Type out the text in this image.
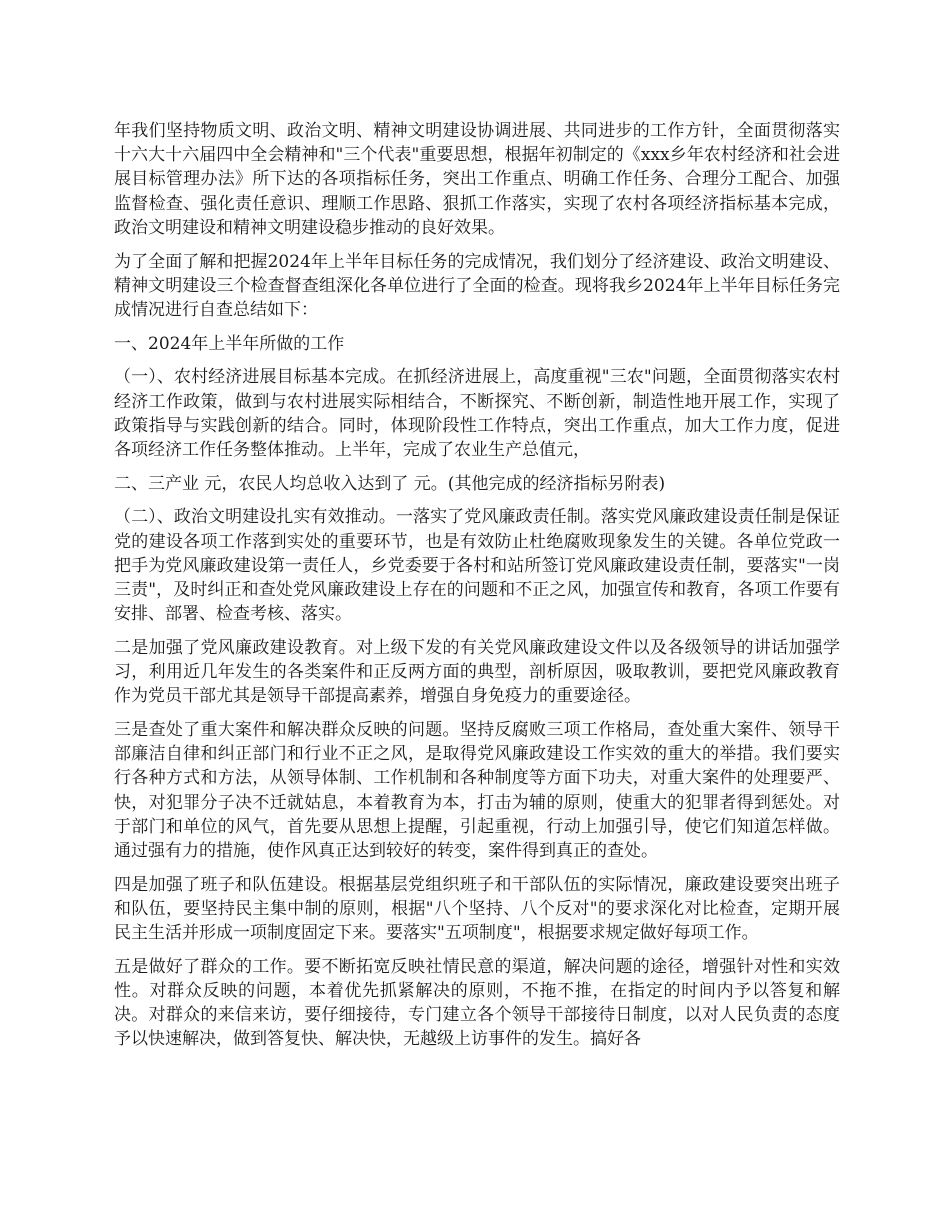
年我们坚持物质文明、政治文明、精神文明建设协调进展、共同进步的工作方针，全面贯彻落实十六大十六届四中全会精神和"三个代表"重要思想，根据年初制定的《xxx乡年农村经济和社会进展目标管理办法》所下达的各项指标任务，突出工作重点、明确工作任务、合理分工配合、加强监督检查、强化责任意识、理顺工作思路、狠抓工作落实，实现了农村各项经济指标基本完成，政治文明建设和精神文明建设稳步推动的良好效果。

为了全面了解和把握2024年上半年目标任务的完成情况，我们划分了经济建设、政治文明建设、精神文明建设三个检查督查组深化各单位进行了全面的检查。现将我乡2024年上半年目标任务完成情况进行自查总结如下：

一、2024年上半年所做的工作

（一）、农村经济进展目标基本完成。在抓经济进展上，高度重视"三农"问题，全面贯彻落实农村经济工作政策，做到与农村进展实际相结合，不断探究、不断创新，制造性地开展工作，实现了政策指导与实践创新的结合。同时，体现阶段性工作特点，突出工作重点，加大工作力度，促进各项经济工作任务整体推动。上半年，完成了农业生产总值元，

二、三产业 元，农民人均总收入达到了 元。(其他完成的经济指标另附表)

（二）、政治文明建设扎实有效推动。一落实了党风廉政责任制。落实党风廉政建设责任制是保证党的建设各项工作落到实处的重要环节，也是有效防止杜绝腐败现象发生的关键。各单位党政一把手为党风廉政建设第一责任人，乡党委要于各村和站所签订党风廉政建设责任制，要落实"一岗三责"，及时纠正和查处党风廉政建设上存在的问题和不正之风，加强宣传和教育，各项工作要有安排、部署、检查考核、落实。

二是加强了党风廉政建设教育。对上级下发的有关党风廉政建设文件以及各级领导的讲话加强学习，利用近几年发生的各类案件和正反两方面的典型，剖析原因，吸取教训，要把党风廉政教育作为党员干部尤其是领导干部提高素养，增强自身免疫力的重要途径。

三是查处了重大案件和解决群众反映的问题。坚持反腐败三项工作格局，查处重大案件、领导干部廉洁自律和纠正部门和行业不正之风，是取得党风廉政建设工作实效的重大的举措。我们要实行各种方式和方法，从领导体制、工作机制和各种制度等方面下功夫，对重大案件的处理要严、快，对犯罪分子决不迁就姑息，本着教育为本，打击为辅的原则，使重大的犯罪者得到惩处。对于部门和单位的风气，首先要从思想上提醒，引起重视，行动上加强引导，使它们知道怎样做。通过强有力的措施，使作风真正达到较好的转变，案件得到真正的查处。

四是加强了班子和队伍建设。根据基层党组织班子和干部队伍的实际情况，廉政建设要突出班子和队伍，要坚持民主集中制的原则，根据"八个坚持、八个反对"的要求深化对比检查，定期开展民主生活并形成一项制度固定下来。要落实"五项制度"，根据要求规定做好每项工作。

五是做好了群众的工作。要不断拓宽反映社情民意的渠道，解决问题的途径，增强针对性和实效性。对群众反映的问题，本着优先抓紧解决的原则，不拖不推，在指定的时间内予以答复和解决。对群众的来信来访，要仔细接待，专门建立各个领导干部接待日制度，以对人民负责的态度予以快速解决，做到答复快、解决快，无越级上访事件的发生。搞好各
